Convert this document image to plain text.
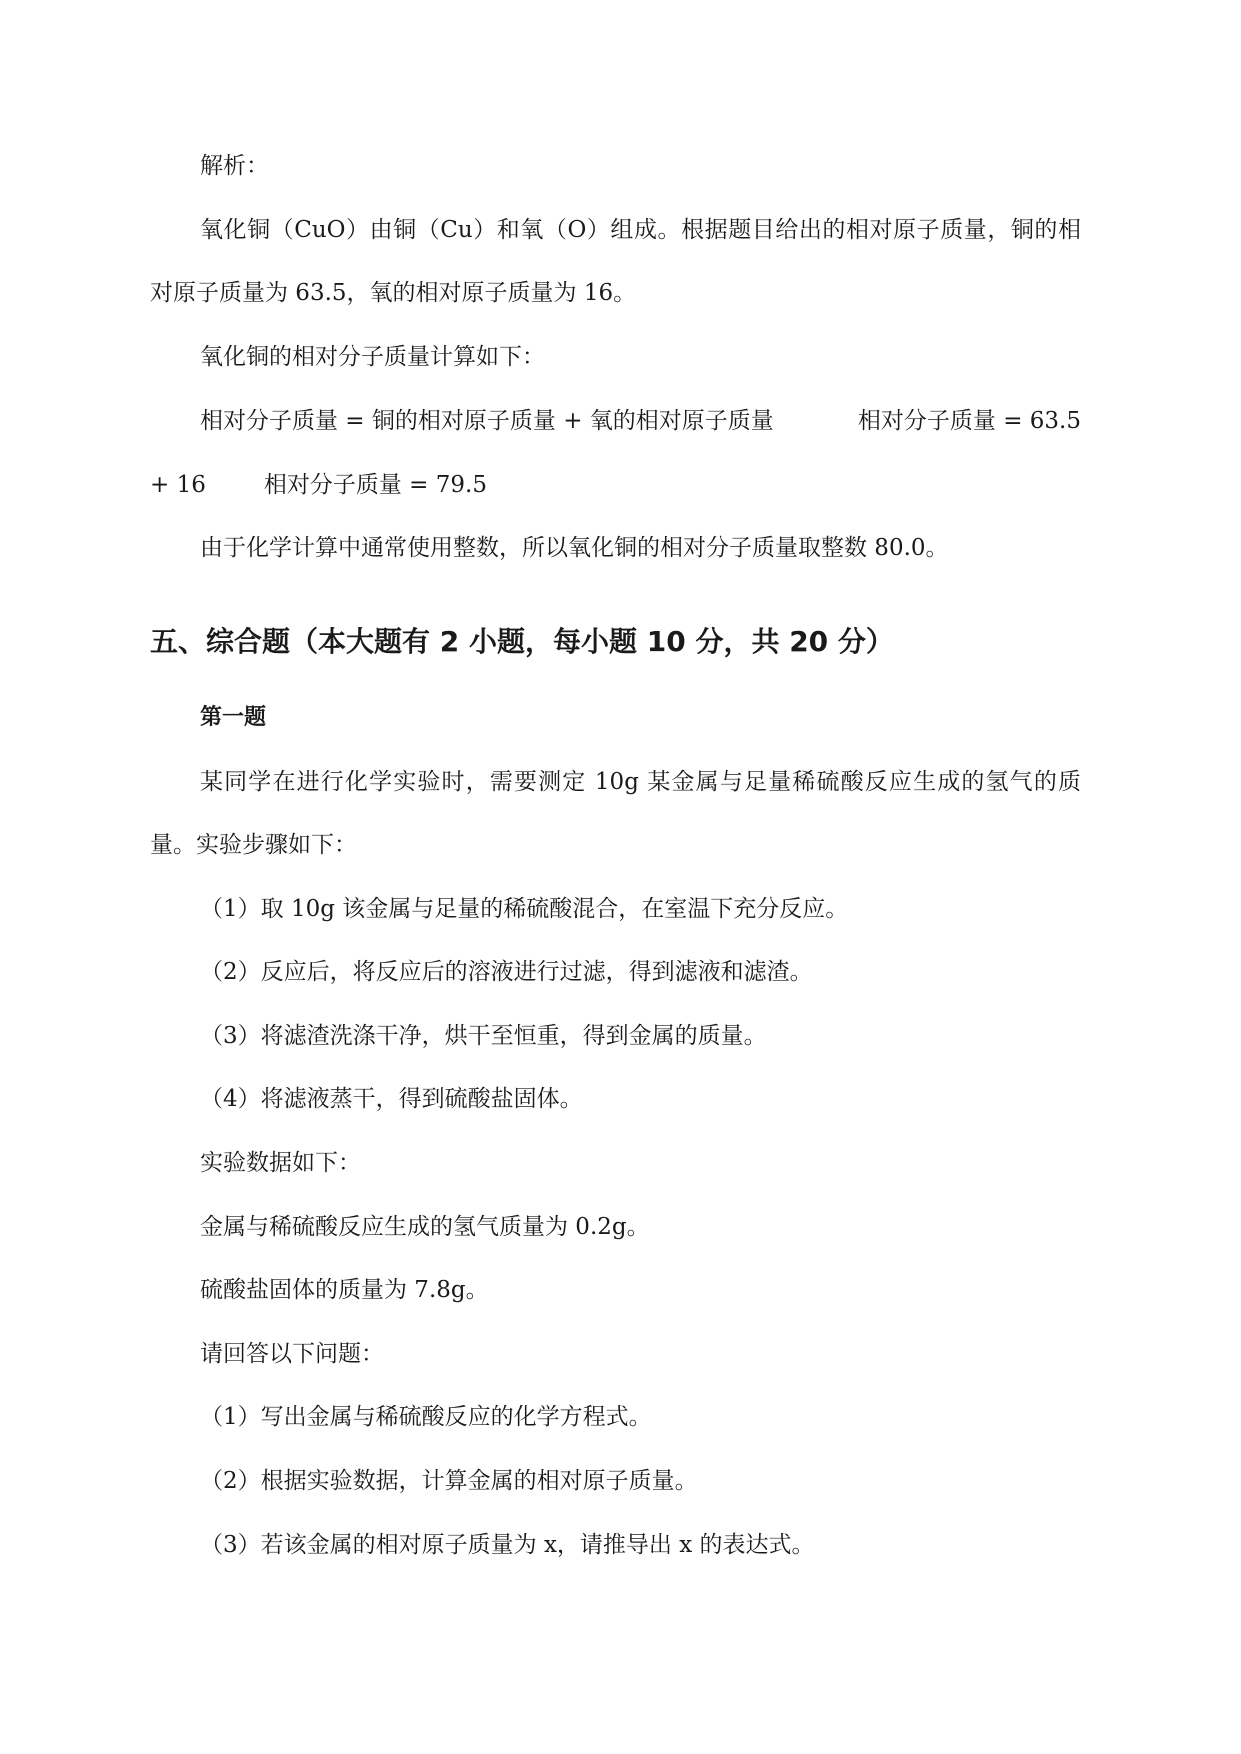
解析：

氧化铜（CuO）由铜（Cu）和氧（O）组成。根据题目给出的相对原子质量，铜的相

对原子质量为 63.5，氧的相对原子质量为 16。

氧化铜的相对分子质量计算如下：

相对分子质量 = 铜的相对原子质量 + 氧的相对原子质量	相对分子质量 = 63.5

+ 16	相对分子质量 = 79.5

由于化学计算中通常使用整数，所以氧化铜的相对分子质量取整数 80.0。

五、综合题（本大题有 2 小题，每小题 10 分，共 20 分）
第一题

某同学在进行化学实验时，需要测定 10g 某金属与足量稀硫酸反应生成的氢气的质

量。实验步骤如下：

（1）取 10g 该金属与足量的稀硫酸混合，在室温下充分反应。

（2）反应后，将反应后的溶液进行过滤，得到滤液和滤渣。

（3）将滤渣洗涤干净，烘干至恒重，得到金属的质量。

（4）将滤液蒸干，得到硫酸盐固体。

实验数据如下：

金属与稀硫酸反应生成的氢气质量为 0.2g。

硫酸盐固体的质量为 7.8g。

请回答以下问题：

（1）写出金属与稀硫酸反应的化学方程式。

（2）根据实验数据，计算金属的相对原子质量。

（3）若该金属的相对原子质量为 x，请推导出 x 的表达式。
